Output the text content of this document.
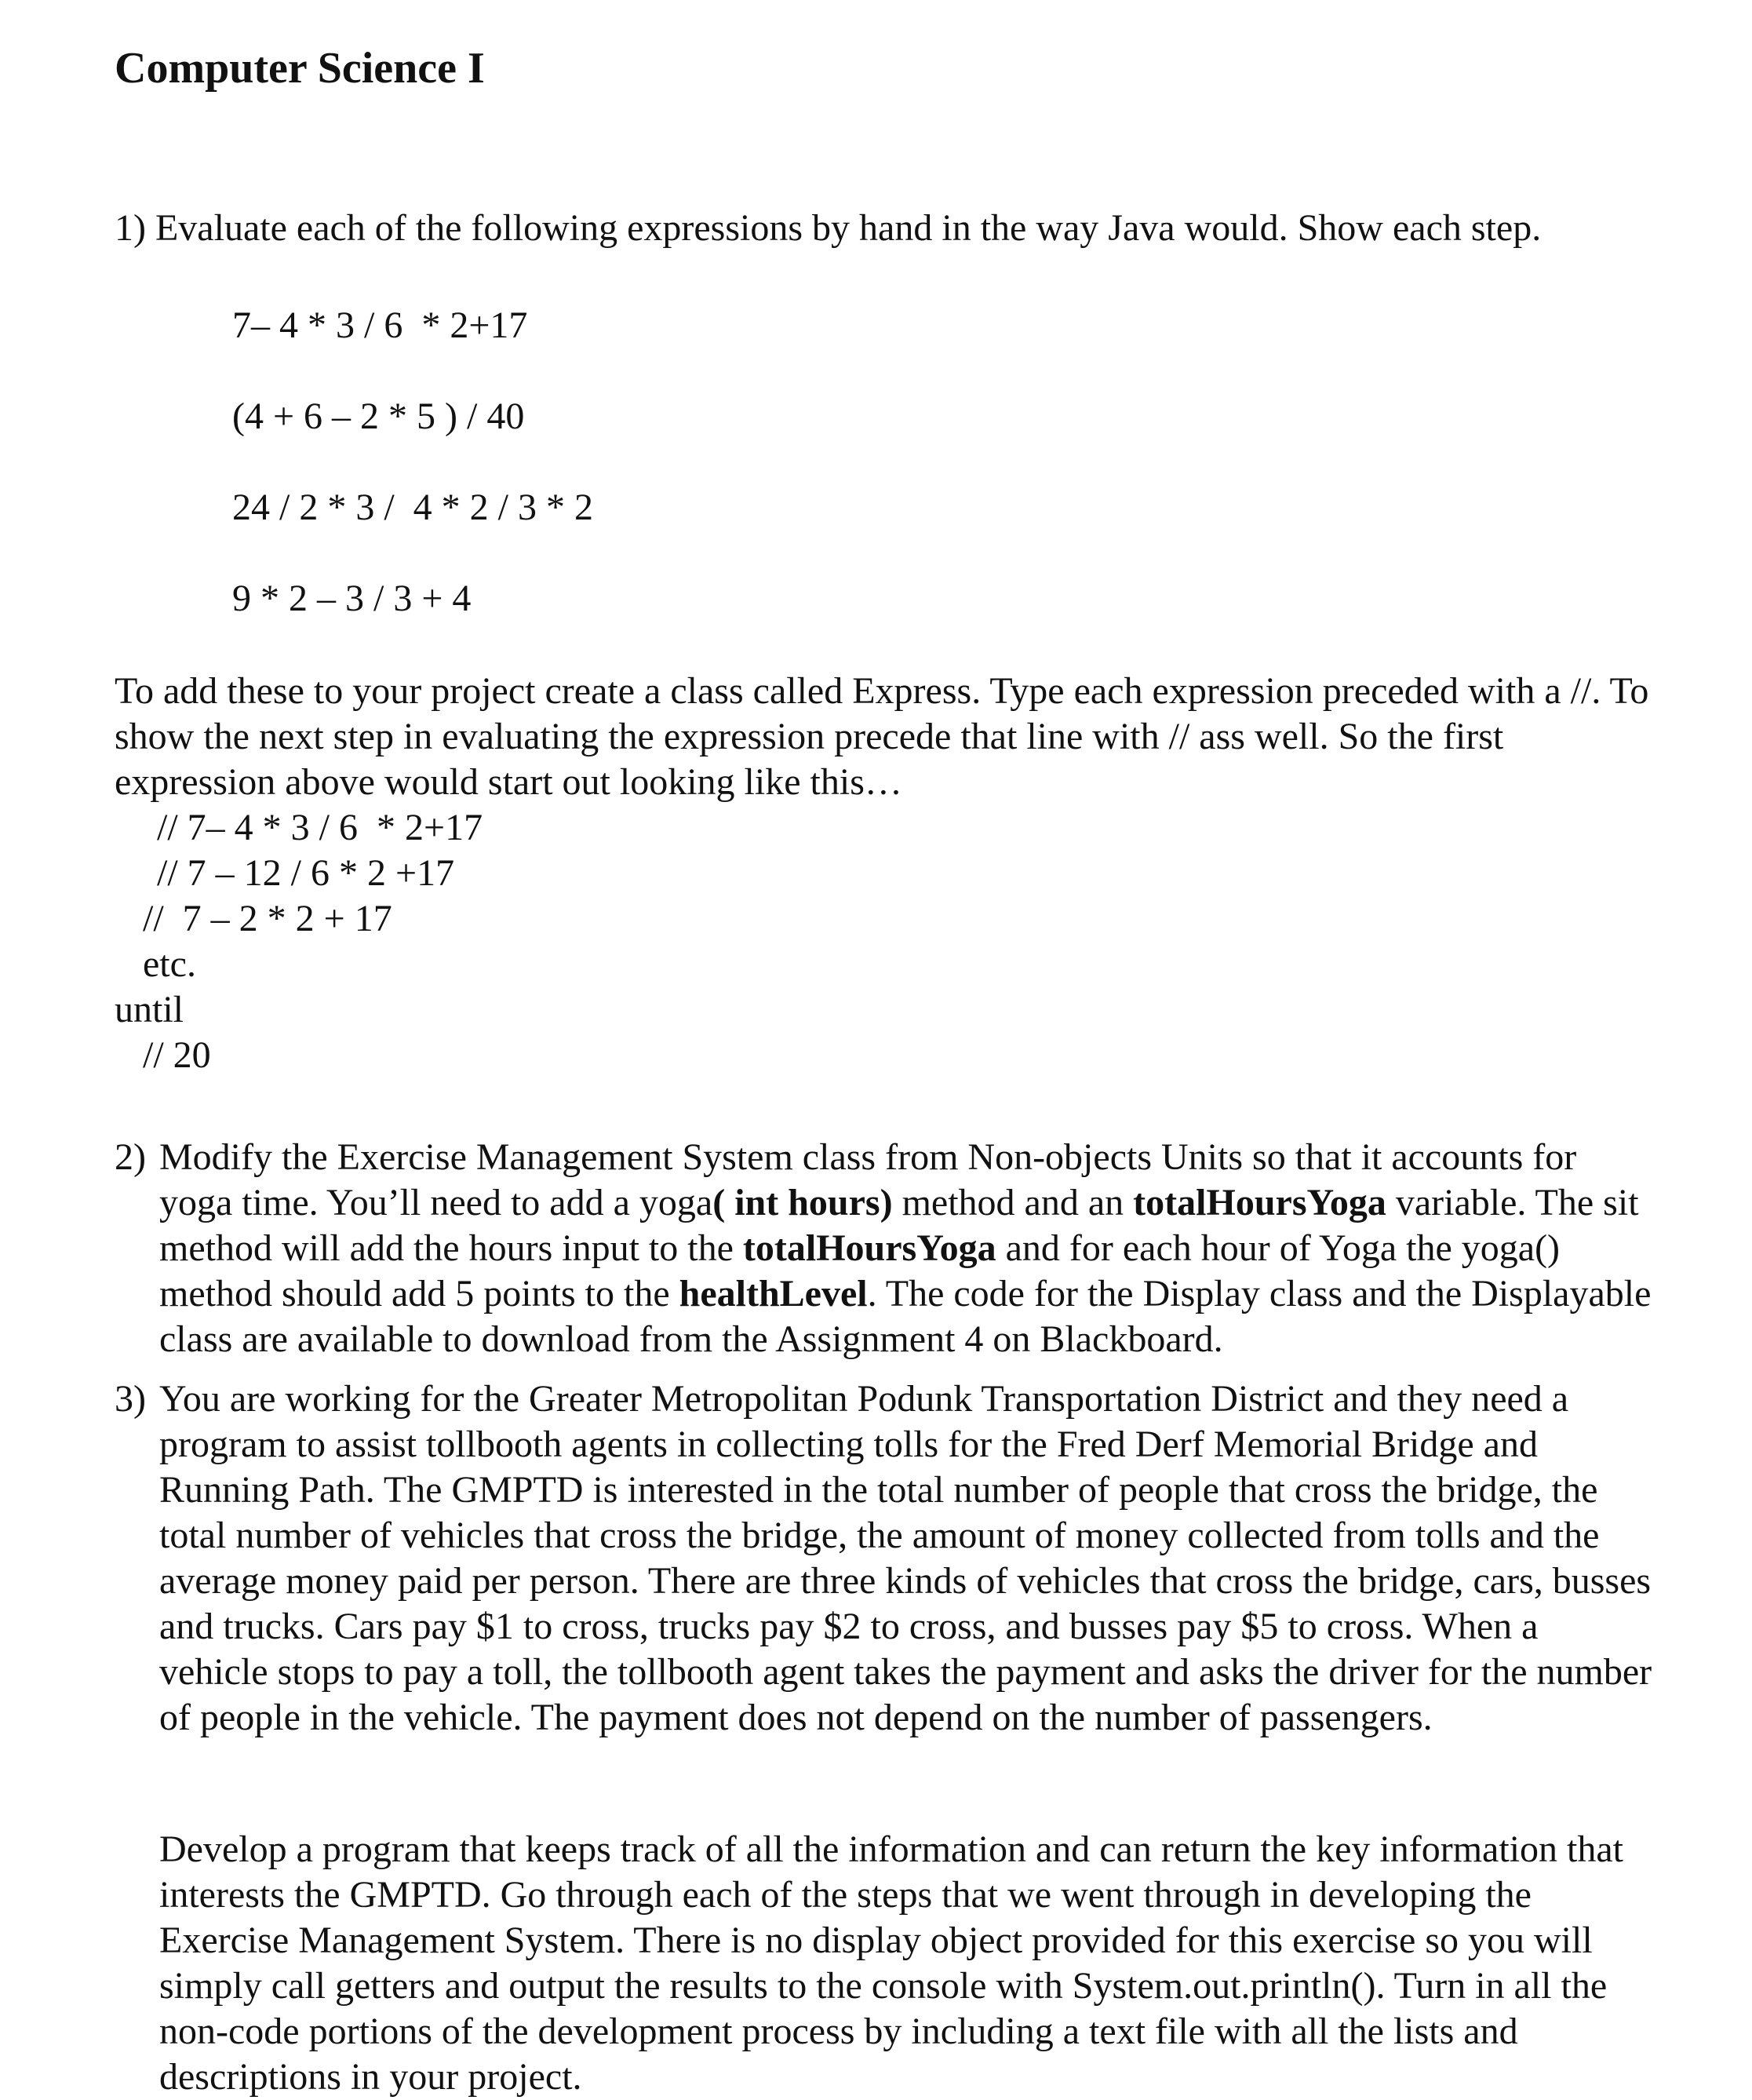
Computer Science I

1) Evaluate each of the following expressions by hand in the way Java would. Show each step.

7– 4 * 3 / 6  * 2+17

(4 + 6 – 2 * 5 ) / 40

24 / 2 * 3 /  4 * 2 / 3 * 2

9 * 2 – 3 / 3 + 4

To add these to your project create a class called Express. Type each expression preceded with a //. To show the next step in evaluating the expression precede that line with // ass well. So the first expression above would start out looking like this…

// 7– 4 * 3 / 6  * 2+17

// 7 – 12 / 6 * 2 +17

//  7 – 2 * 2 + 17

etc.

until

// 20

2) Modify the Exercise Management System class from Non-objects Units so that it accounts for yoga time. You’ll need to add a yoga( int hours) method and an totalHoursYoga variable. The sit method will add the hours input to the totalHoursYoga and for each hour of Yoga the yoga() method should add 5 points to the healthLevel. The code for the Display class and the Displayable class are available to download from the Assignment 4 on Blackboard.

3) You are working for the Greater Metropolitan Podunk Transportation District and they need a program to assist tollbooth agents in collecting tolls for the Fred Derf Memorial Bridge and Running Path. The GMPTD is interested in the total number of people that cross the bridge, the total number of vehicles that cross the bridge, the amount of money collected from tolls and the average money paid per person. There are three kinds of vehicles that cross the bridge, cars, busses and trucks. Cars pay $1 to cross, trucks pay $2 to cross, and busses pay $5 to cross. When a vehicle stops to pay a toll, the tollbooth agent takes the payment and asks the driver for the number of people in the vehicle. The payment does not depend on the number of passengers.

Develop a program that keeps track of all the information and can return the key information that interests the GMPTD. Go through each of the steps that we went through in developing the Exercise Management System. There is no display object provided for this exercise so you will simply call getters and output the results to the console with System.out.println(). Turn in all the non-code portions of the development process by including a text file with all the lists and descriptions in your project.
